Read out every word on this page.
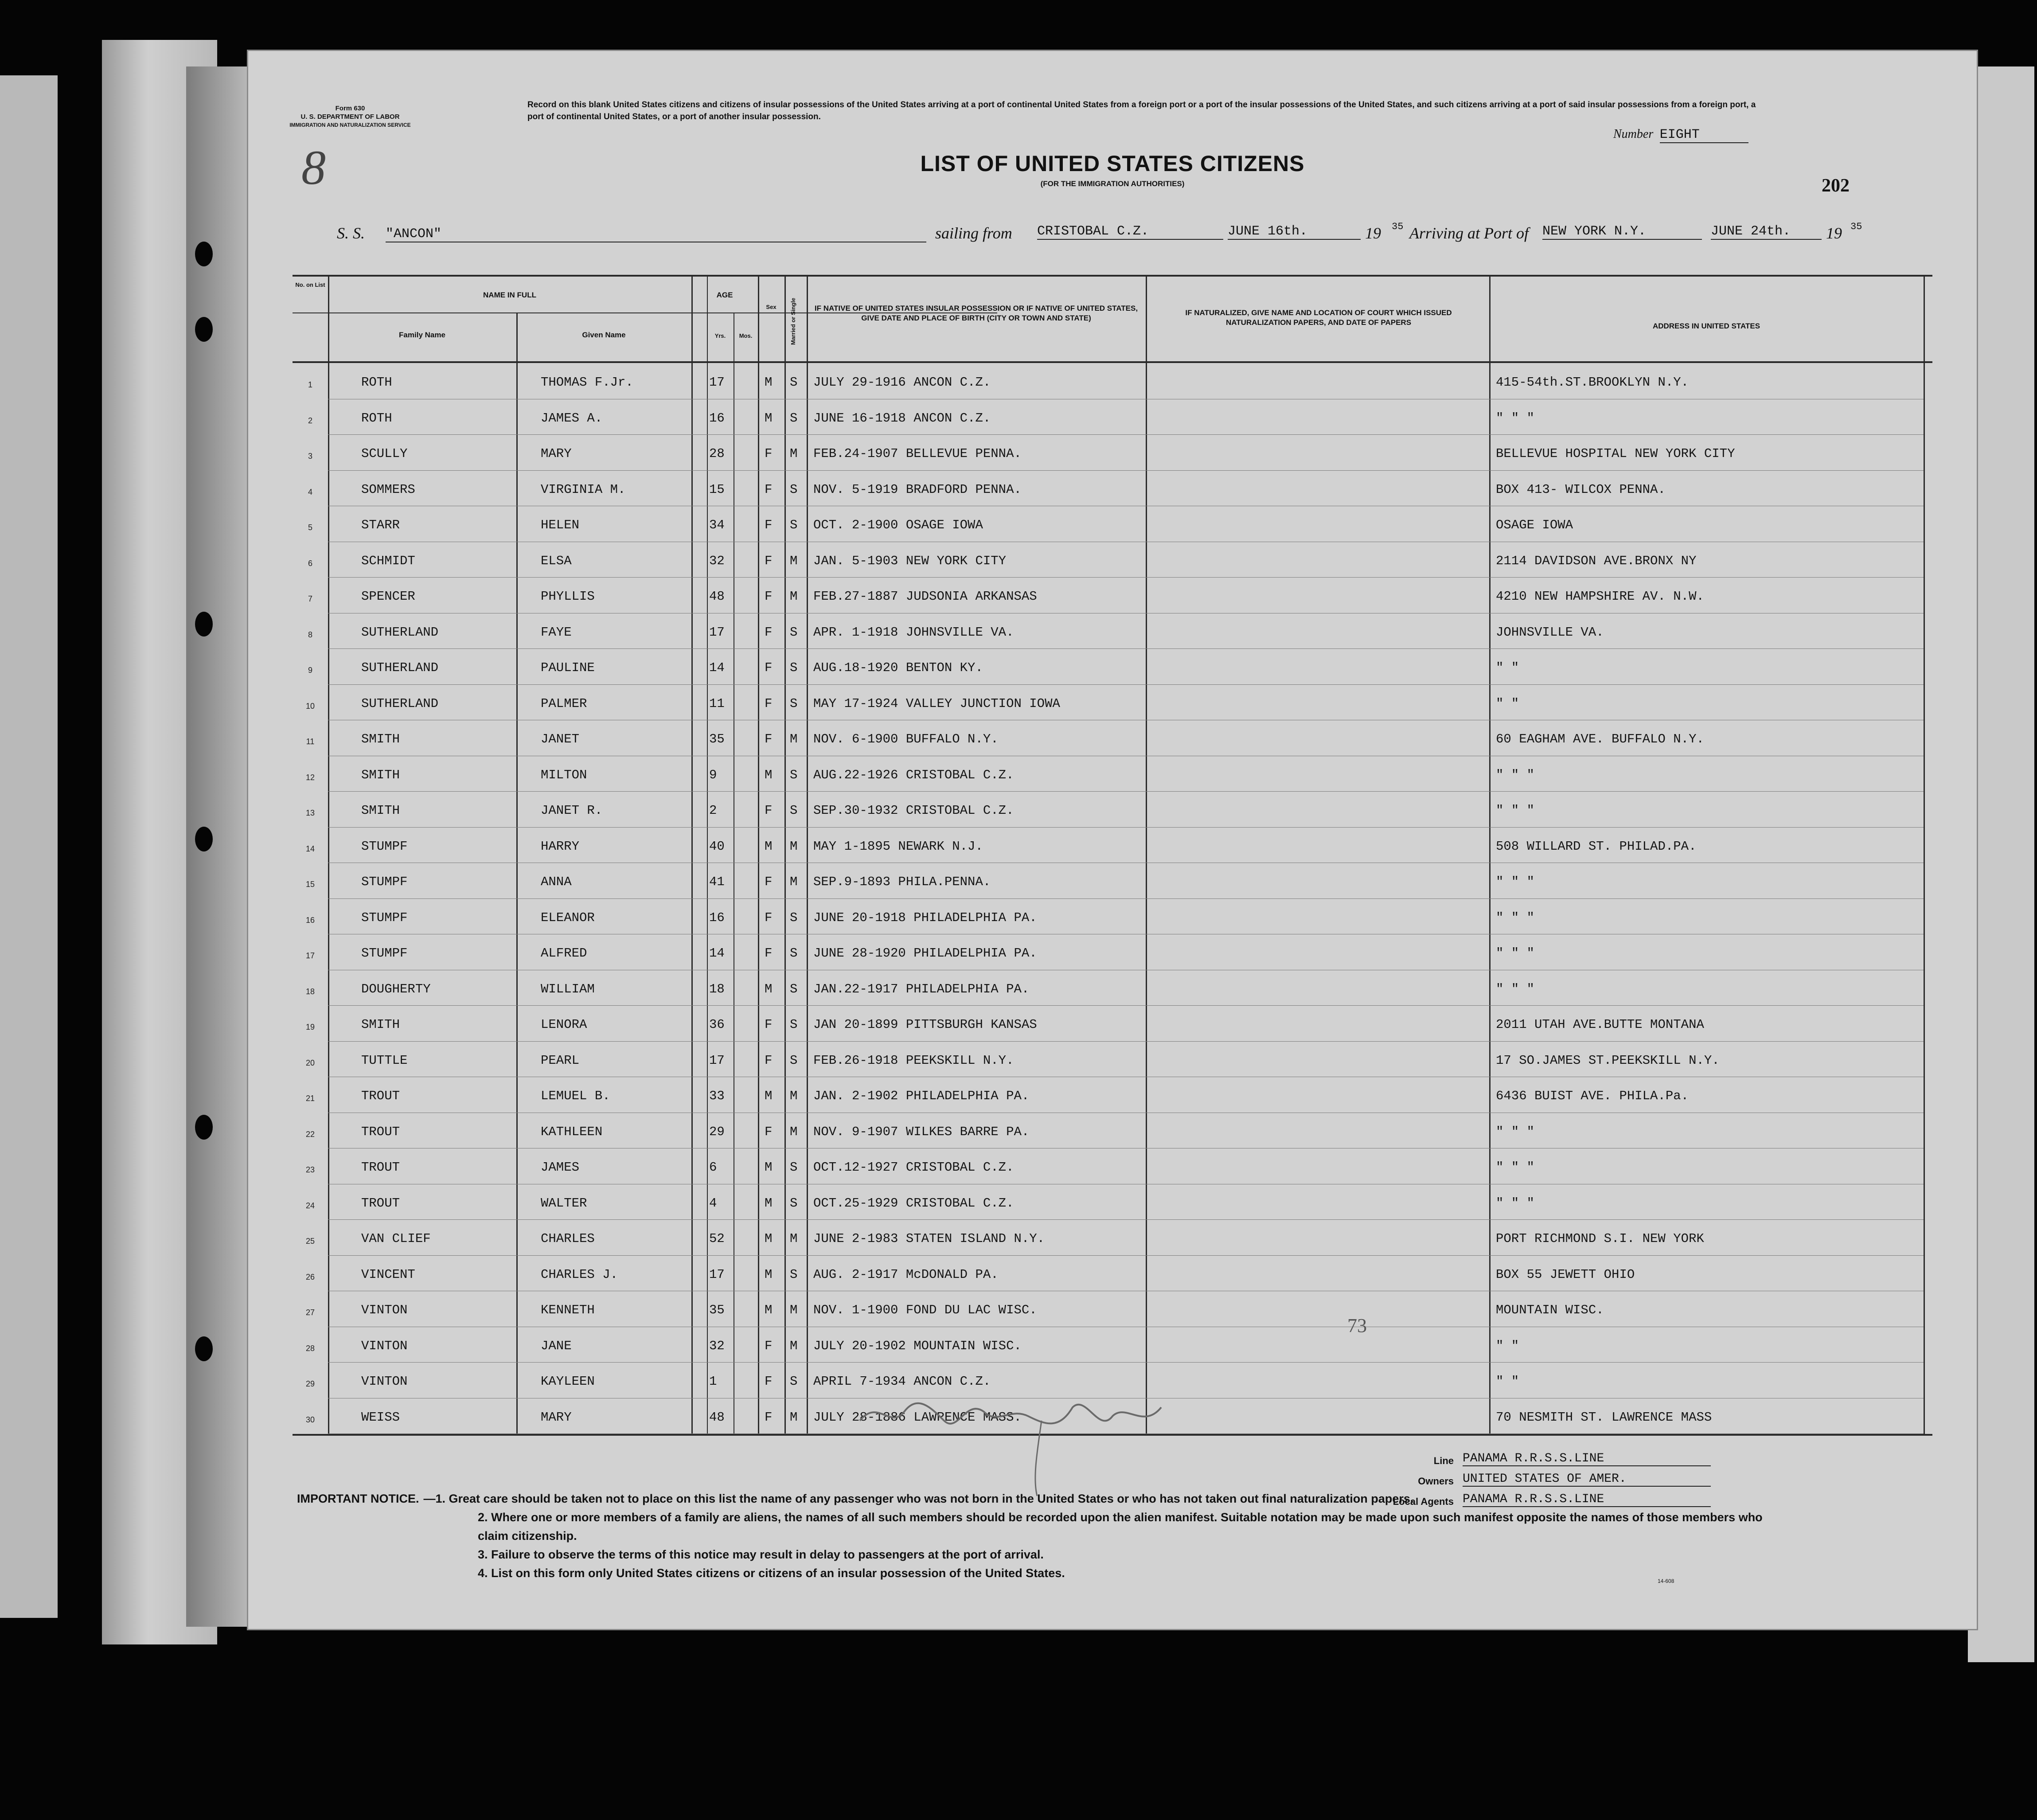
Form 630
U. S. DEPARTMENT OF LABOR
IMMIGRATION AND NATURALIZATION SERVICE
Record on this blank United States citizens and citizens of insular possessions of the United States arriving at a port of continental United States from a foreign port or a port of the insular possessions of the United States, and such citizens arriving at a port of said insular possessions from a foreign port, a port of continental United States, or a port of another insular possession.
Number EIGHT
8	LIST OF UNITED STATES CITIZENS
(FOR THE IMMIGRATION AUTHORITIES)	202
S. S. "ANCON"	sailing from CRISTOBAL C.Z.	JUNE 16th.	19 35 Arriving at Port of NEW YORK N.Y.	JUNE 24th.	19 35
No. on List
NAME IN FULL
Family Name	Given Name
AGE
Yrs.	Mos.
Sex	Married or Single	IF NATIVE OF UNITED STATES INSULAR POSSESSION OR IF NATIVE OF UNITED STATES, GIVE DATE AND PLACE OF BIRTH (CITY OR TOWN AND STATE)
IF NATURALIZED, GIVE NAME AND LOCATION OF COURT WHICH ISSUED NATURALIZATION PAPERS, AND DATE OF PAPERS	ADDRESS IN UNITED STATES
1	ROTH	THOMAS F.Jr.	17	M	S	JULY 29-1916 ANCON C.Z.	415-54th.ST.BROOKLYN N.Y.
2	ROTH	JAMES A.	16	M	S	JUNE 16-1918 ANCON C.Z.	" " "
3	SCULLY	MARY	28	F	M	FEB.24-1907 BELLEVUE PENNA.	BELLEVUE HOSPITAL NEW YORK CITY
4	SOMMERS	VIRGINIA M.	15	F	S	NOV. 5-1919 BRADFORD PENNA.	BOX 413- WILCOX PENNA.
5	STARR	HELEN	34	F	S	OCT. 2-1900 OSAGE IOWA	OSAGE IOWA
6	SCHMIDT	ELSA	32	F	M	JAN. 5-1903 NEW YORK CITY	2114 DAVIDSON AVE.BRONX NY
7	SPENCER	PHYLLIS	48	F	M	FEB.27-1887 JUDSONIA ARKANSAS	4210 NEW HAMPSHIRE AV. N.W.
8	SUTHERLAND	FAYE	17	F	S	APR. 1-1918 JOHNSVILLE VA.	JOHNSVILLE VA.
9	SUTHERLAND	PAULINE	14	F	S	AUG.18-1920 BENTON KY.	" "
10	SUTHERLAND	PALMER	11	F	S	MAY 17-1924 VALLEY JUNCTION IOWA	" "
11	SMITH	JANET	35	F	M	NOV. 6-1900 BUFFALO N.Y.	60 EAGHAM AVE. BUFFALO N.Y.
12	SMITH	MILTON	9	M	S	AUG.22-1926 CRISTOBAL C.Z.	" " "
13	SMITH	JANET R.	2	F	S	SEP.30-1932 CRISTOBAL C.Z.	" " "
14	STUMPF	HARRY	40	M	M	MAY 1-1895 NEWARK N.J.	508 WILLARD ST. PHILAD.PA.
15	STUMPF	ANNA	41	F	M	SEP.9-1893 PHILA.PENNA.	" " "
16	STUMPF	ELEANOR	16	F	S	JUNE 20-1918 PHILADELPHIA PA.	" " "
17	STUMPF	ALFRED	14	F	S	JUNE 28-1920 PHILADELPHIA PA.	" " "
18	DOUGHERTY	WILLIAM	18	M	S	JAN.22-1917 PHILADELPHIA PA.	" " "
19	SMITH	LENORA	36	F	S	JAN 20-1899 PITTSBURGH KANSAS	2011 UTAH AVE.BUTTE MONTANA
20	TUTTLE	PEARL	17	F	S	FEB.26-1918 PEEKSKILL N.Y.	17 SO.JAMES ST.PEEKSKILL N.Y.
21	TROUT	LEMUEL B.	33	M	M	JAN. 2-1902 PHILADELPHIA PA.	6436 BUIST AVE. PHILA.Pa.
22	TROUT	KATHLEEN	29	F	M	NOV. 9-1907 WILKES BARRE PA.	" " "
23	TROUT	JAMES	6	M	S	OCT.12-1927 CRISTOBAL C.Z.	" " "
24	TROUT	WALTER	4	M	S	OCT.25-1929 CRISTOBAL C.Z.	" " "
25	VAN CLIEF	CHARLES	52	M	M	JUNE 2-1983 STATEN ISLAND N.Y.	PORT RICHMOND S.I. NEW YORK
26	VINCENT	CHARLES J.	17	M	S	AUG. 2-1917 McDONALD PA.	BOX 55 JEWETT OHIO
27	VINTON	KENNETH	35	M	M	NOV. 1-1900 FOND DU LAC WISC.	MOUNTAIN WISC.
28	VINTON	JANE	32	F	M	JULY 20-1902 MOUNTAIN WISC.	" "
29	VINTON	KAYLEEN	1	F	S	APRIL 7-1934 ANCON C.Z.	" "
30	WEISS	MARY	48	F	M	JULY 28-1886 LAWRENCE MASS.	70 NESMITH ST. LAWRENCE MASS
73
Line PANAMA R.R.S.S.LINE
Owners UNITED STATES OF AMER.
Local Agents PANAMA R.R.S.S.LINE
IMPORTANT NOTICE. —1. Great care should be taken not to place on this list the name of any passenger who was not born in the United States or who has not taken out final naturalization papers.
2. Where one or more members of a family are aliens, the names of all such members should be recorded upon the alien manifest. Suitable notation may be made upon such manifest opposite the names of those members who claim citizenship.
3. Failure to observe the terms of this notice may result in delay to passengers at the port of arrival.
4. List on this form only United States citizens or citizens of an insular possession of the United States.
14-608
